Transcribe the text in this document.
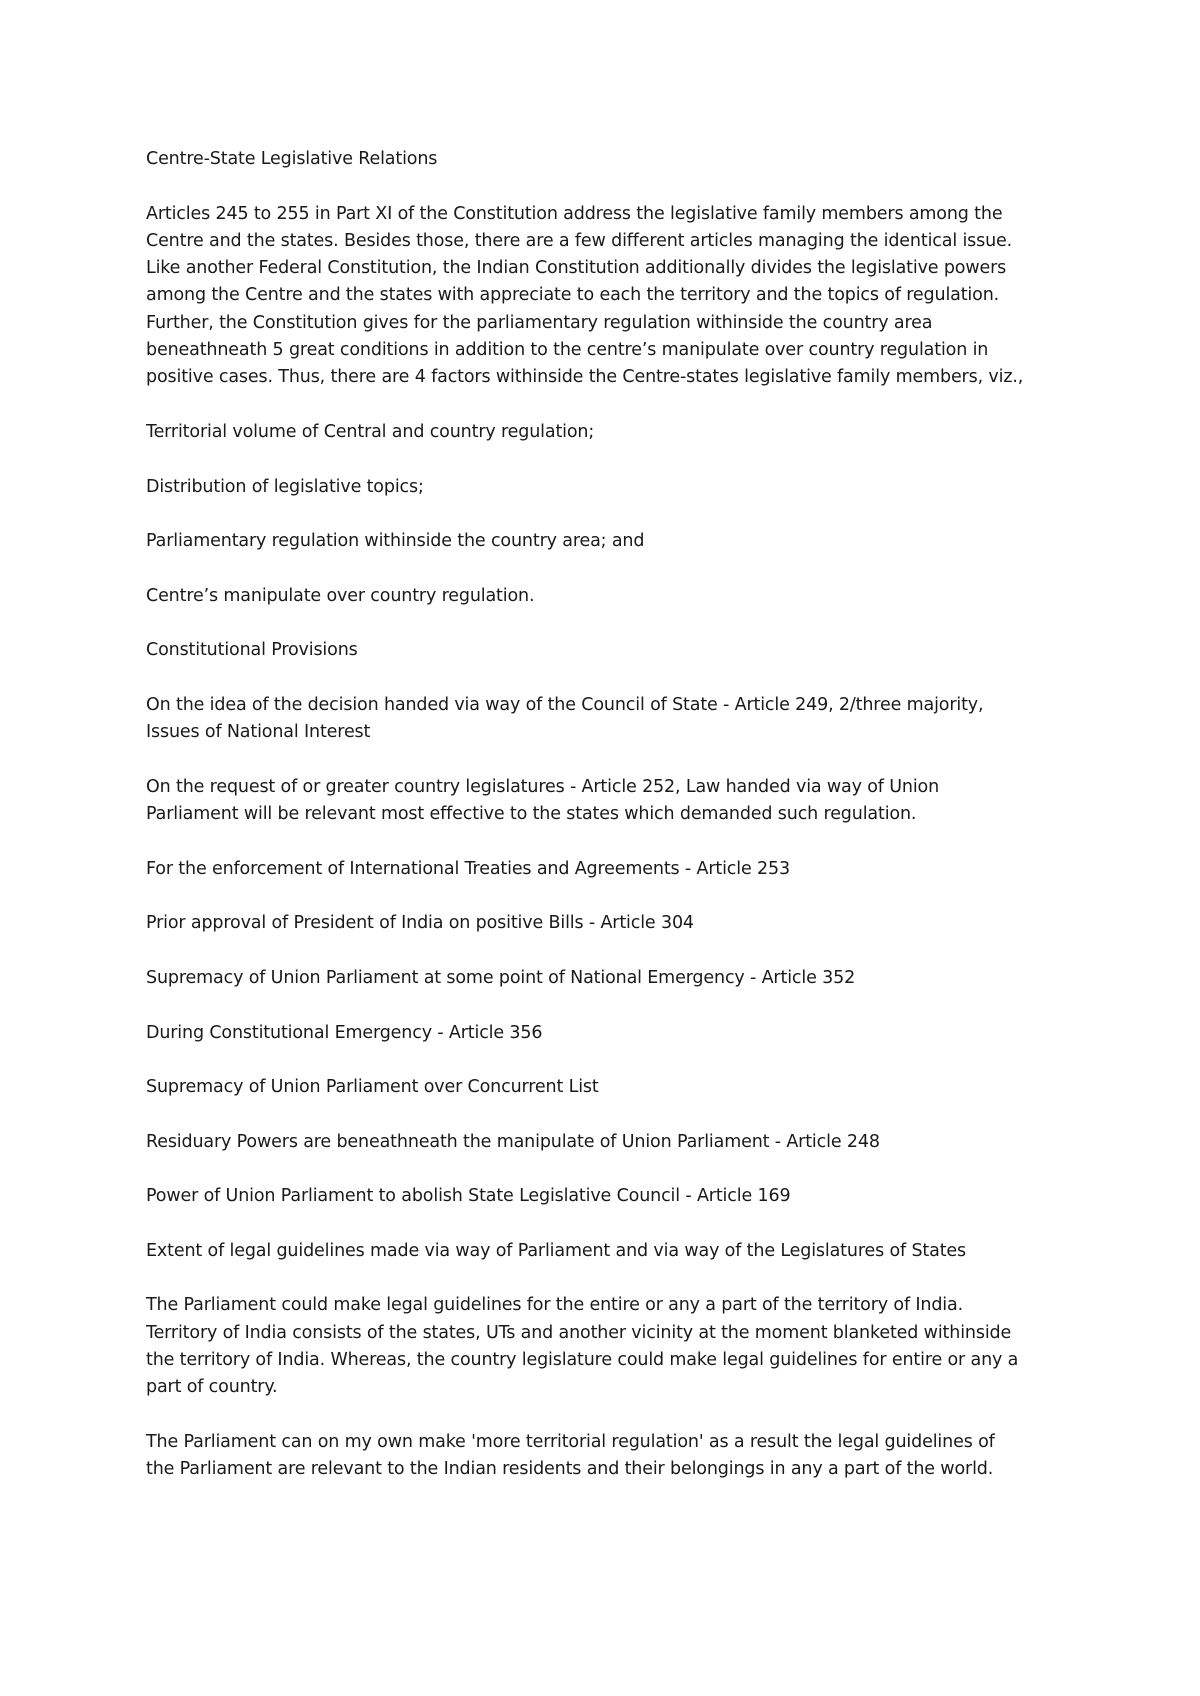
Centre-State Legislative Relations

Articles 245 to 255 in Part XI of the Constitution address the legislative family members among the
Centre and the states. Besides those, there are a few different articles managing the identical issue.
Like another Federal Constitution, the Indian Constitution additionally divides the legislative powers
among the Centre and the states with appreciate to each the territory and the topics of regulation.
Further, the Constitution gives for the parliamentary regulation withinside the country area
beneathneath 5 great conditions in addition to the centre’s manipulate over country regulation in
positive cases. Thus, there are 4 factors withinside the Centre-states legislative family members, viz.,

Territorial volume of Central and country regulation;

Distribution of legislative topics;

Parliamentary regulation withinside the country area; and

Centre’s manipulate over country regulation.

Constitutional Provisions

On the idea of the decision handed via way of the Council of State - Article 249, 2/three majority,
Issues of National Interest

On the request of or greater country legislatures - Article 252, Law handed via way of Union
Parliament will be relevant most effective to the states which demanded such regulation.

For the enforcement of International Treaties and Agreements - Article 253

Prior approval of President of India on positive Bills - Article 304

Supremacy of Union Parliament at some point of National Emergency - Article 352

During Constitutional Emergency - Article 356

Supremacy of Union Parliament over Concurrent List

Residuary Powers are beneathneath the manipulate of Union Parliament - Article 248

Power of Union Parliament to abolish State Legislative Council - Article 169

Extent of legal guidelines made via way of Parliament and via way of the Legislatures of States

The Parliament could make legal guidelines for the entire or any a part of the territory of India.
Territory of India consists of the states, UTs and another vicinity at the moment blanketed withinside
the territory of India. Whereas, the country legislature could make legal guidelines for entire or any a
part of country.

The Parliament can on my own make 'more territorial regulation' as a result the legal guidelines of
the Parliament are relevant to the Indian residents and their belongings in any a part of the world.
